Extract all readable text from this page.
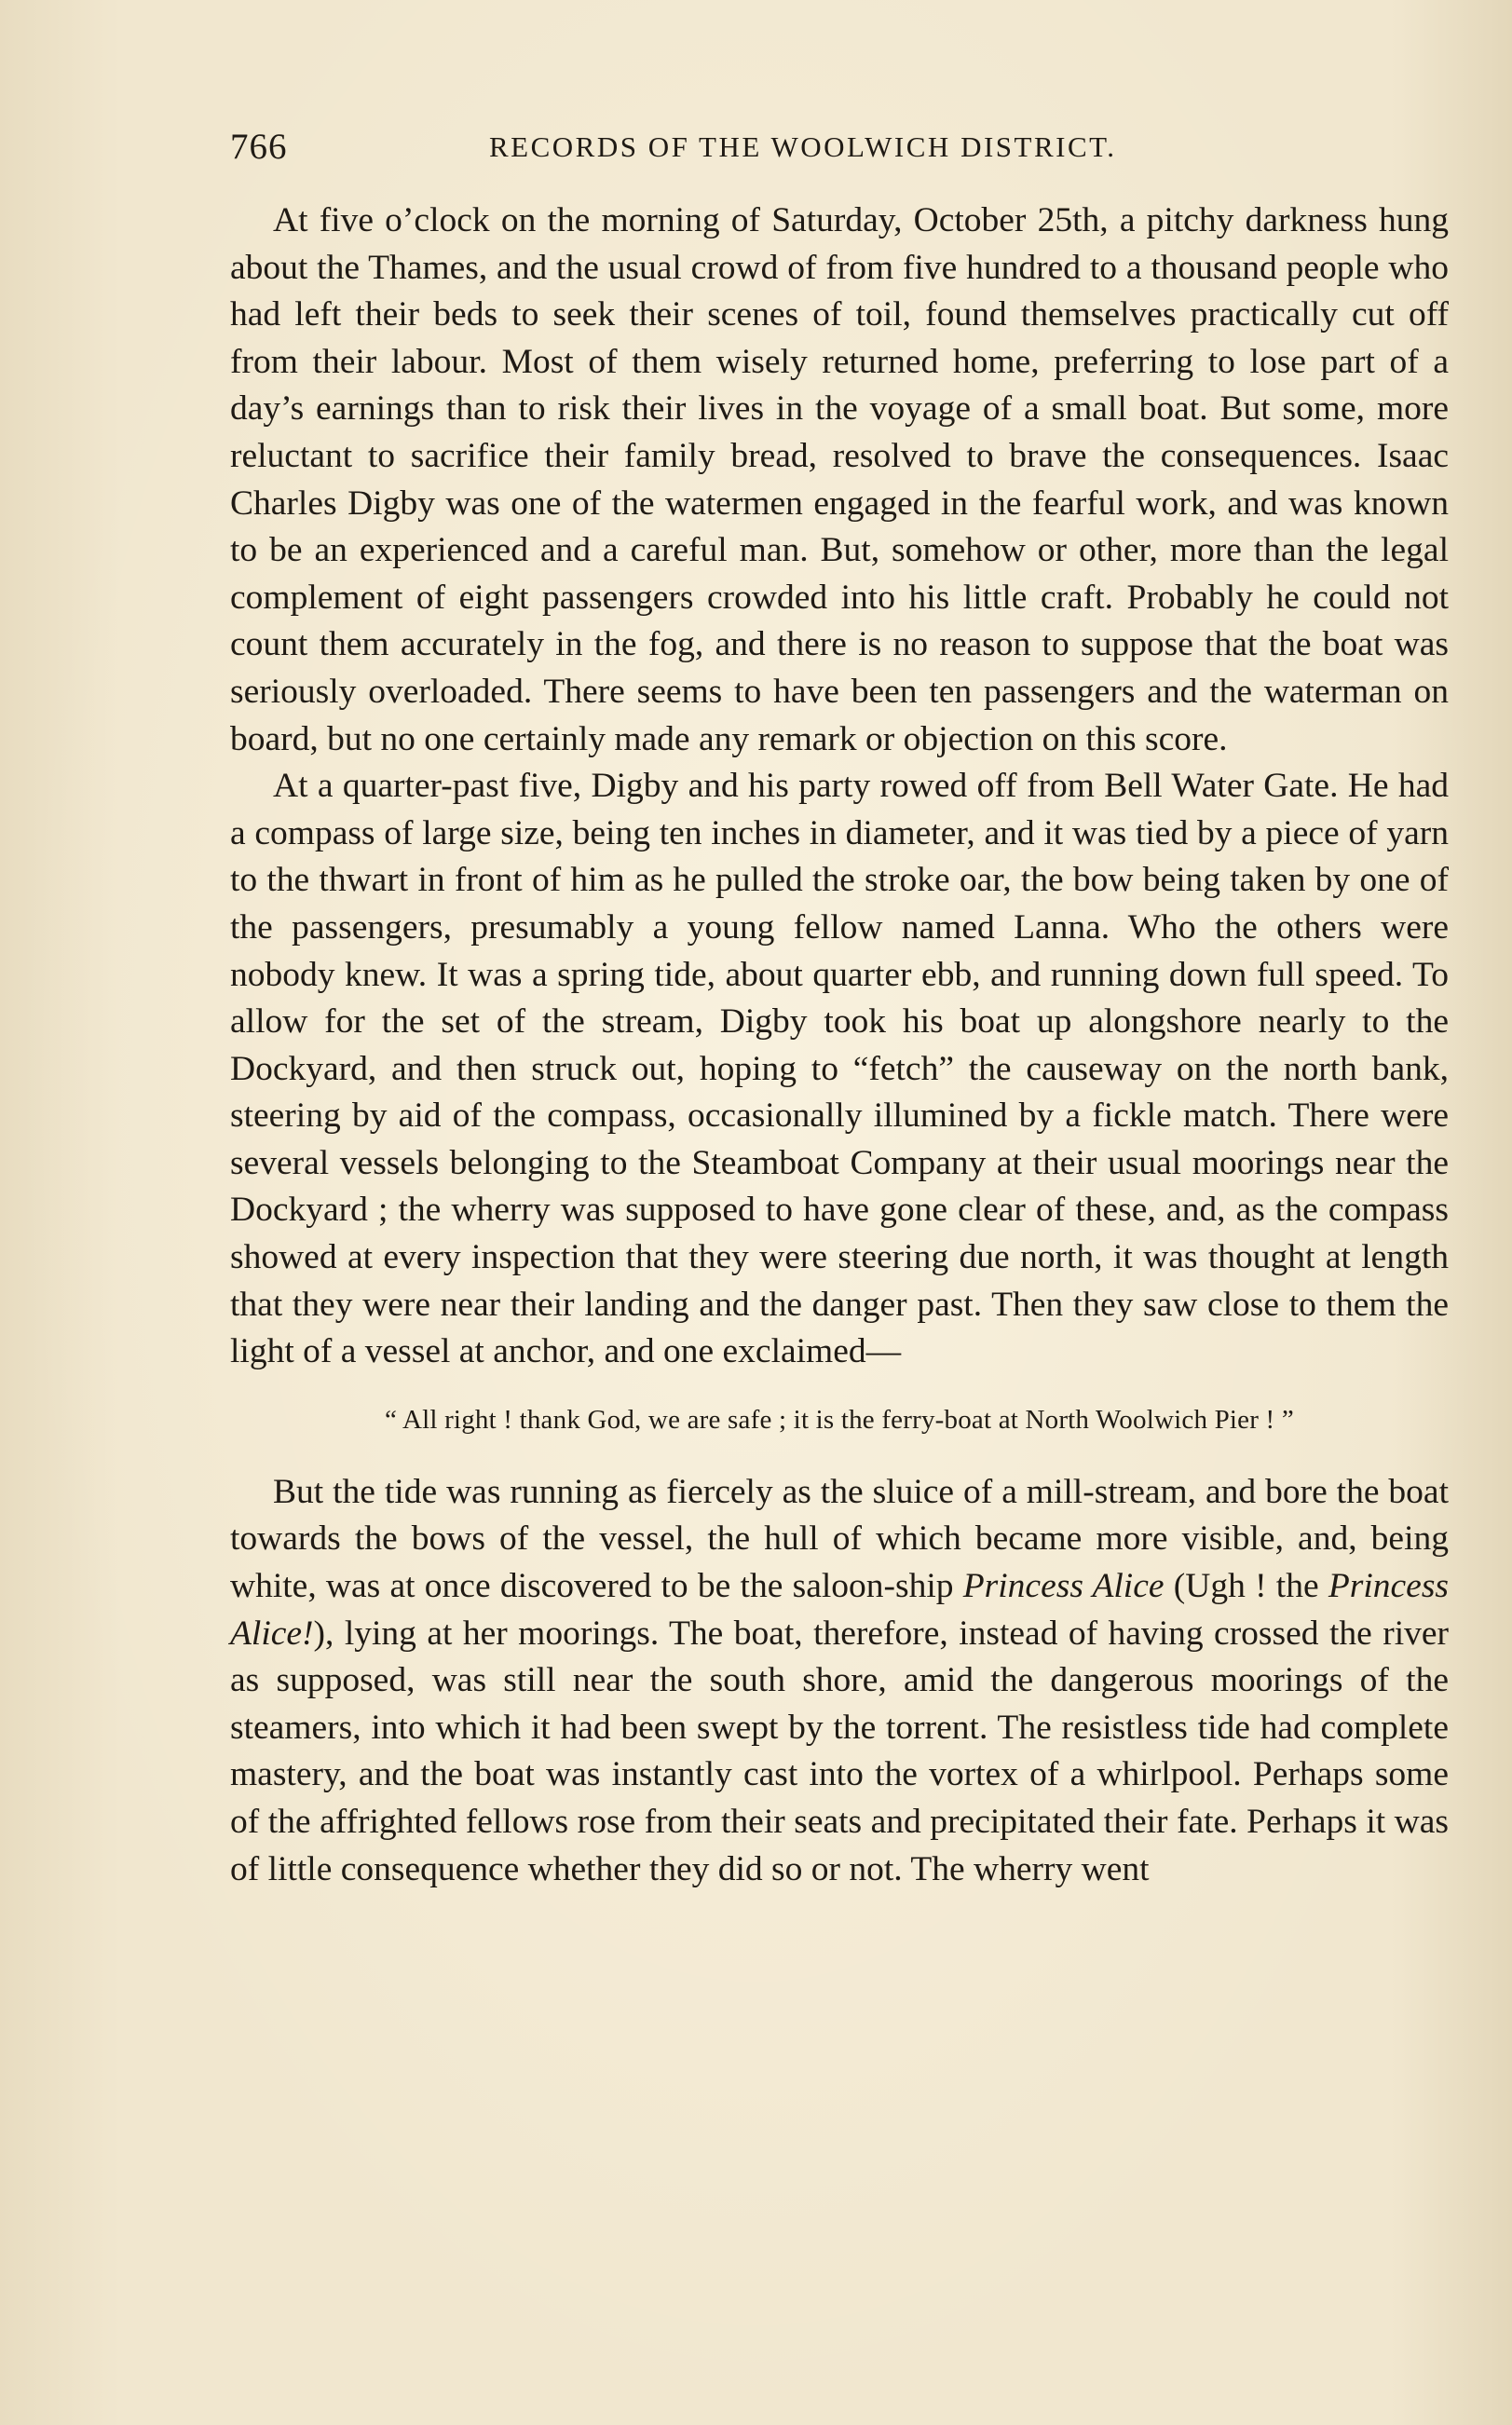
766	RECORDS OF THE WOOLWICH DISTRICT.

At five o’clock on the morning of Saturday, October 25th, a pitchy darkness hung about the Thames, and the usual crowd of from five hundred to a thousand people who had left their beds to seek their scenes of toil, found themselves practically cut off from their labour. Most of them wisely returned home, preferring to lose part of a day’s earnings than to risk their lives in the voyage of a small boat. But some, more reluctant to sacrifice their family bread, resolved to brave the consequences. Isaac Charles Digby was one of the watermen engaged in the fearful work, and was known to be an experienced and a careful man. But, somehow or other, more than the legal complement of eight passengers crowded into his little craft. Probably he could not count them accurately in the fog, and there is no reason to suppose that the boat was seriously overloaded. There seems to have been ten passengers and the waterman on board, but no one certainly made any remark or objection on this score.

At a quarter-past five, Digby and his party rowed off from Bell Water Gate. He had a compass of large size, being ten inches in diameter, and it was tied by a piece of yarn to the thwart in front of him as he pulled the stroke oar, the bow being taken by one of the passengers, presumably a young fellow named Lanna. Who the others were nobody knew. It was a spring tide, about quarter ebb, and running down full speed. To allow for the set of the stream, Digby took his boat up alongshore nearly to the Dockyard, and then struck out, hoping to “fetch” the causeway on the north bank, steering by aid of the compass, occasionally illumined by a fickle match. There were several vessels belonging to the Steamboat Company at their usual moorings near the Dockyard ; the wherry was supposed to have gone clear of these, and, as the compass showed at every inspection that they were steering due north, it was thought at length that they were near their landing and the danger past. Then they saw close to them the light of a vessel at anchor, and one exclaimed—

“ All right ! thank God, we are safe ; it is the ferry-boat at North Woolwich Pier ! ”

But the tide was running as fiercely as the sluice of a mill-stream, and bore the boat towards the bows of the vessel, the hull of which became more visible, and, being white, was at once discovered to be the saloon-ship Princess Alice (Ugh ! the Princess Alice!), lying at her moorings. The boat, therefore, instead of having crossed the river as supposed, was still near the south shore, amid the dangerous moorings of the steamers, into which it had been swept by the torrent. The resistless tide had complete mastery, and the boat was instantly cast into the vortex of a whirlpool. Perhaps some of the affrighted fellows rose from their seats and precipitated their fate. Perhaps it was of little consequence whether they did so or not. The wherry went
